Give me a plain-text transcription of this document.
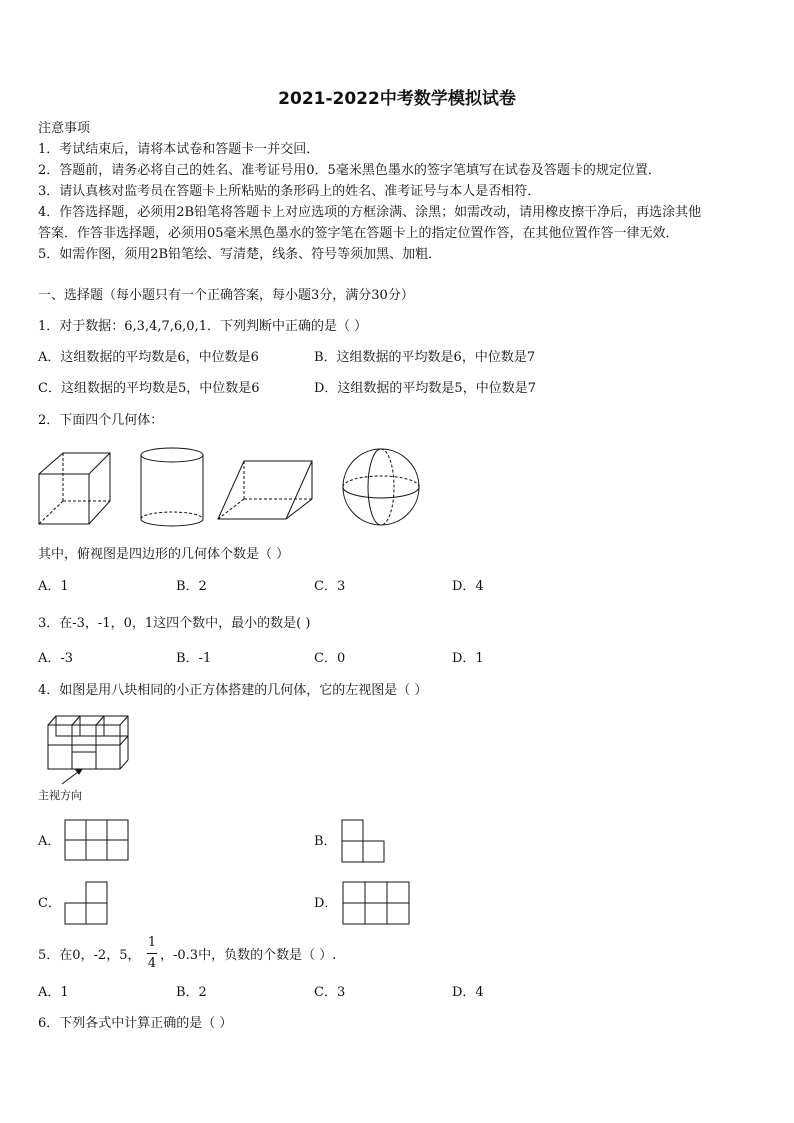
2021-2022中考数学模拟试卷
注意事项
1．考试结束后，请将本试卷和答题卡一并交回．
2．答题前，请务必将自己的姓名、准考证号用0．5毫米黑色墨水的签字笔填写在试卷及答题卡的规定位置．
3．请认真核对监考员在答题卡上所粘贴的条形码上的姓名、准考证号与本人是否相符．
4．作答选择题，必须用2B铅笔将答题卡上对应选项的方框涂满、涂黑；如需改动，请用橡皮擦干净后，再选涂其他
答案．作答非选择题，必须用05毫米黑色墨水的签字笔在答题卡上的指定位置作答，在其他位置作答一律无效．
5．如需作图，须用2B铅笔绘、写清楚，线条、符号等须加黑、加粗．
一、选择题（每小题只有一个正确答案，每小题3分，满分30分）
1．对于数据：6,3,4,7,6,0,1．下列判断中正确的是（ ）
A．这组数据的平均数是6，中位数是6	B．这组数据的平均数是6，中位数是7
C．这组数据的平均数是5，中位数是6	D．这组数据的平均数是5，中位数是7
2．下面四个几何体：
其中，俯视图是四边形的几何体个数是（ ）
A．1	B．2	C．3	D．4
3．在-3，-1，0，1这四个数中，最小的数是( )
A．-3	B．-1	C．0	D．1
4．如图是用八块相同的小正方体搭建的几何体，它的左视图是（ ）
主视方向
A．	B．
C．	D．
5．在0，-2，5，
1
4
，-0.3中，负数的个数是（ ）.
A．1	B．2	C．3	D．4
6．下列各式中计算正确的是（ ）
